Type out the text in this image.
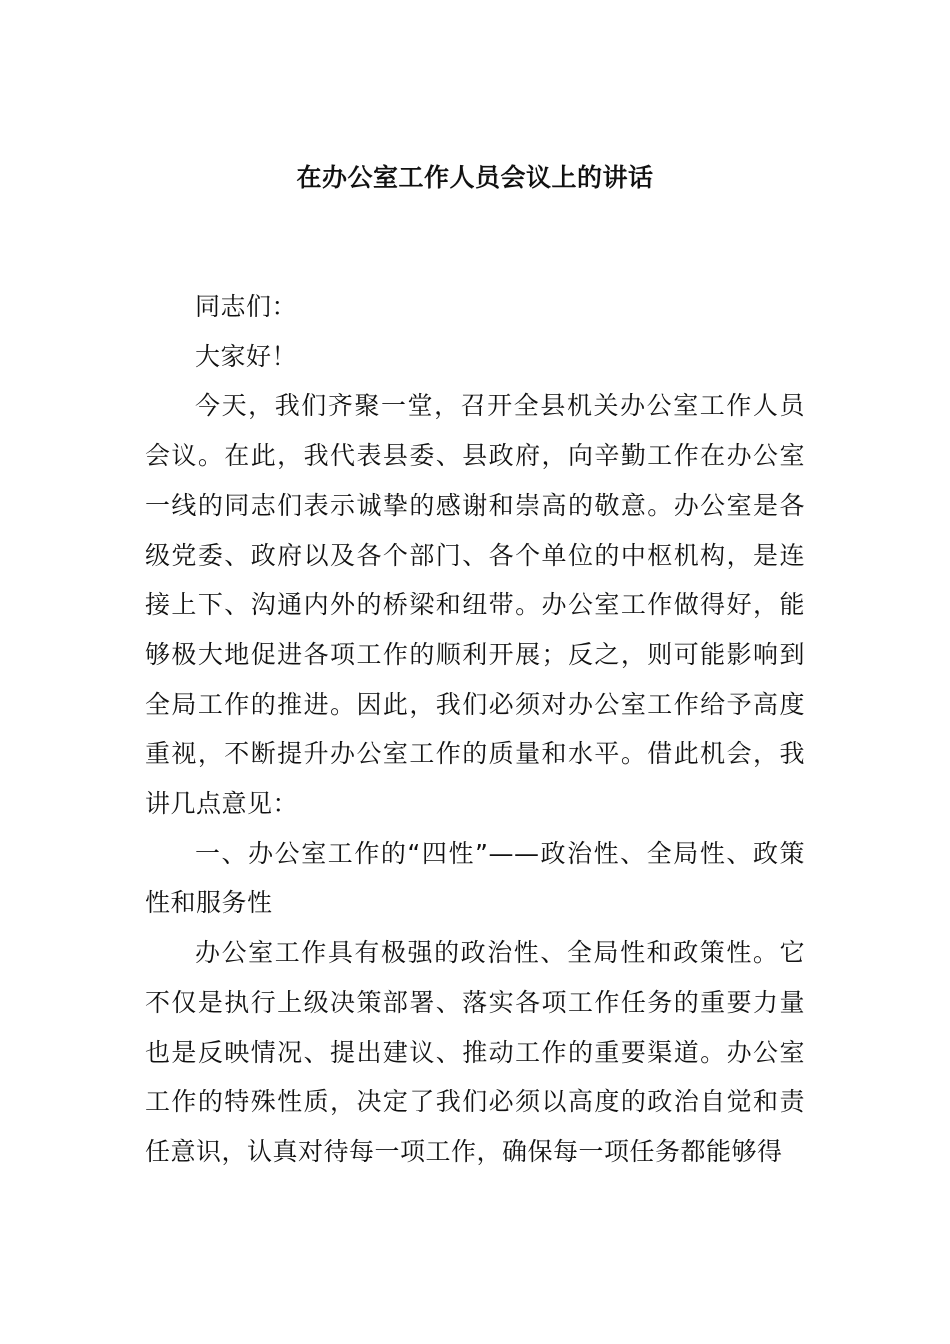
在办公室工作人员会议上的讲话

同志们：

大家好！

今天，我们齐聚一堂，召开全县机关办公室工作人员会议。在此，我代表县委、县政府，向辛勤工作在办公室一线的同志们表示诚挚的感谢和崇高的敬意。办公室是各级党委、政府以及各个部门、各个单位的中枢机构，是连接上下、沟通内外的桥梁和纽带。办公室工作做得好，能够极大地促进各项工作的顺利开展；反之，则可能影响到全局工作的推进。因此，我们必须对办公室工作给予高度重视，不断提升办公室工作的质量和水平。借此机会，我讲几点意见：

一、办公室工作的“四性”——政治性、全局性、政策性和服务性

办公室工作具有极强的政治性、全局性和政策性。它不仅是执行上级决策部署、落实各项工作任务的重要力量也是反映情况、提出建议、推动工作的重要渠道。办公室工作的特殊性质，决定了我们必须以高度的政治自觉和责任意识，认真对待每一项工作，确保每一项任务都能够得
